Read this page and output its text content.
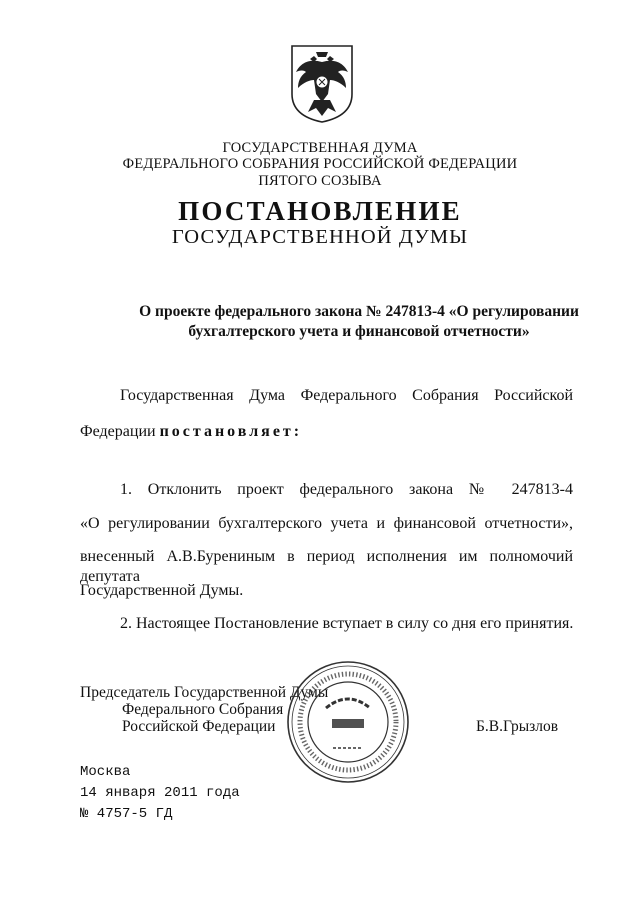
ГОСУДАРСТВЕННАЯ ДУМА
ФЕДЕРАЛЬНОГО СОБРАНИЯ РОССИЙСКОЙ ФЕДЕРАЦИИ
ПЯТОГО СОЗЫВА
ПОСТАНОВЛЕНИЕ
ГОСУДАРСТВЕННОЙ ДУМЫ
О проекте федерального закона № 247813-4 «О регулировании
бухгалтерского учета и финансовой отчетности»
Государственная Дума Федерального Собрания Российской
Федерации постановляет:
1. Отклонить проект федерального закона № 247813-4
«О регулировании бухгалтерского учета и финансовой отчетности»,
внесенный А.В.Бурениным в период исполнения им полномочий депутата
Государственной Думы.
2. Настоящее Постановление вступает в силу со дня его принятия.
Председатель Государственной Думы
Федерального Собрания
Российской Федерации	Б.В.Грызлов
Москва
14 января 2011 года
№ 4757-5 ГД
